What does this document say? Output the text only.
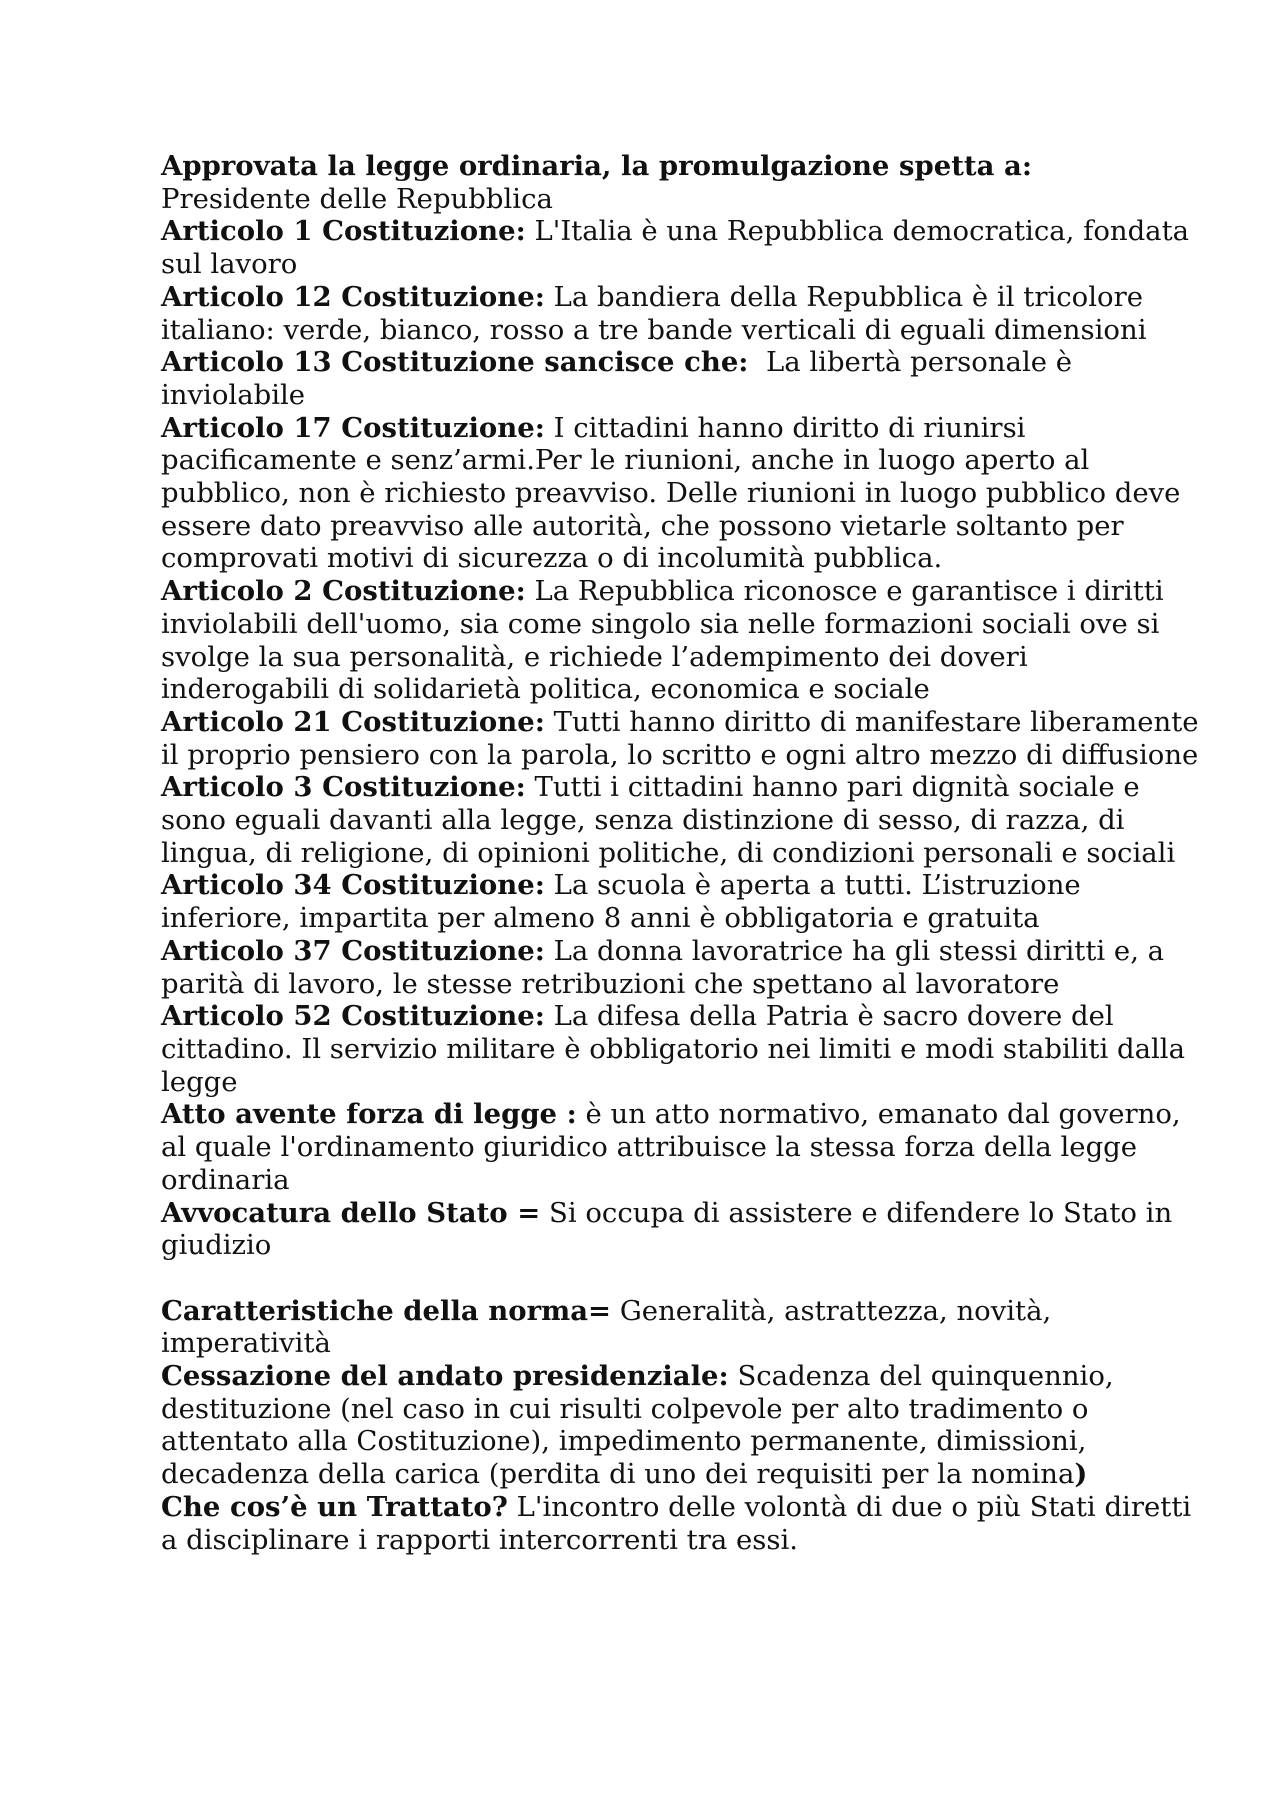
Approvata la legge ordinaria, la promulgazione spetta a:
Presidente delle Repubblica

Articolo 1 Costituzione: L'Italia è una Repubblica democratica, fondata sul lavoro

Articolo 12 Costituzione: La bandiera della Repubblica è il tricolore italiano: verde, bianco, rosso a tre bande verticali di eguali dimensioni

Articolo 13 Costituzione sancisce che:  La libertà personale è inviolabile

Articolo 17 Costituzione: I cittadini hanno diritto di riunirsi pacificamente e senz’armi.Per le riunioni, anche in luogo aperto al pubblico, non è richiesto preavviso. Delle riunioni in luogo pubblico deve essere dato preavviso alle autorità, che possono vietarle soltanto per comprovati motivi di sicurezza o di incolumità pubblica.

Articolo 2 Costituzione: La Repubblica riconosce e garantisce i diritti inviolabili dell'uomo, sia come singolo sia nelle formazioni sociali ove si svolge la sua personalità, e richiede l’adempimento dei doveri inderogabili di solidarietà politica, economica e sociale

Articolo 21 Costituzione: Tutti hanno diritto di manifestare liberamente il proprio pensiero con la parola, lo scritto e ogni altro mezzo di diffusione

Articolo 3 Costituzione: Tutti i cittadini hanno pari dignità sociale e sono eguali davanti alla legge, senza distinzione di sesso, di razza, di lingua, di religione, di opinioni politiche, di condizioni personali e sociali

Articolo 34 Costituzione: La scuola è aperta a tutti. L’istruzione inferiore, impartita per almeno 8 anni è obbligatoria e gratuita

Articolo 37 Costituzione: La donna lavoratrice ha gli stessi diritti e, a parità di lavoro, le stesse retribuzioni che spettano al lavoratore

Articolo 52 Costituzione: La difesa della Patria è sacro dovere del cittadino. Il servizio militare è obbligatorio nei limiti e modi stabiliti dalla legge

Atto avente forza di legge : è un atto normativo, emanato dal governo, al quale l'ordinamento giuridico attribuisce la stessa forza della legge ordinaria

Avvocatura dello Stato = Si occupa di assistere e difendere lo Stato in giudizio

Caratteristiche della norma= Generalità, astrattezza, novità, imperatività

Cessazione del andato presidenziale: Scadenza del quinquennio, destituzione (nel caso in cui risulti colpevole per alto tradimento o attentato alla Costituzione), impedimento permanente, dimissioni, decadenza della carica (perdita di uno dei requisiti per la nomina)

Che cos’è un Trattato? L'incontro delle volontà di due o più Stati diretti a disciplinare i rapporti intercorrenti tra essi.
